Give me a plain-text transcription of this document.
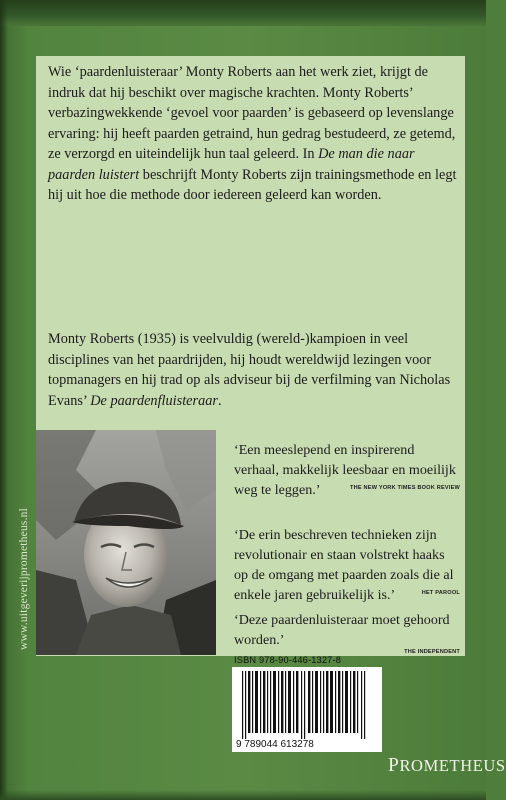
Wie ‘paardenluisteraar’ Monty Roberts aan het werk ziet, krijgt de indruk dat hij beschikt over magische krachten. Monty Roberts’ verbazingwekkende ‘gevoel voor paarden’ is gebaseerd op levenslange ervaring: hij heeft paarden getraind, hun gedrag bestudeerd, ze getemd, ze verzorgd en uiteindelijk hun taal geleerd. In De man die naar paarden luistert beschrijft Monty Roberts zijn trainingsmethode en legt hij uit hoe die methode door iedereen geleerd kan worden.

Monty Roberts (1935) is veelvuldig (wereld-)kampioen in veel disciplines van het paardrijden, hij houdt wereldwijd lezingen voor topmanagers en hij trad op als adviseur bij de verfilming van Nicholas Evans’ De paardenfluisteraar.

‘Een meeslepend en inspirerend verhaal, makkelijk leesbaar en moeilijk weg te leggen.’	THE NEW YORK TIMES BOOK REVIEW

‘De erin beschreven technieken zijn revolutionair en staan volstrekt haaks op de omgang met paarden zoals die al enkele jaren gebruikelijk is.’	HET PAROOL

‘Deze paardenluisteraar moet gehoord worden.’

THE INDEPENDENT
ISBN 978-90-446-1327-8
9 789044 613278
www.uitgeverijprometheus.nl
PROMETHEUS
